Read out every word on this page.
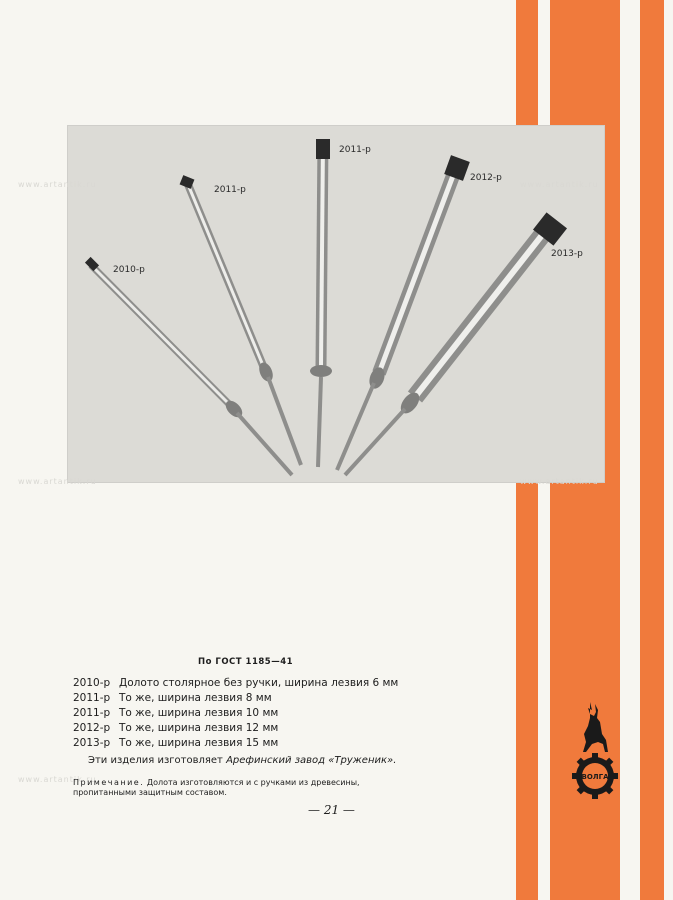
2010-р
2011-р
2011-р
2012-р
2013-р
www.artantik.ru	www.artantik.ru
www.artantik.ru	www.artantik.ru
www.artantik.ru
По ГОСТ 1185—41
2010-р Долото столярное без ручки, ширина лезвия 6 мм
2011-р То же, ширина лезвия 8 мм
2011-р То же, ширина лезвия 10 мм
2012-р То же, ширина лезвия 12 мм
2013-р То же, ширина лезвия 15 мм
Эти изделия изготовляет Арефинский завод «Труженик».
Примечание. Долота изготовляются и с ручками из древесины, пропитанными защитным составом.
— 21 —
ВОЛГА
